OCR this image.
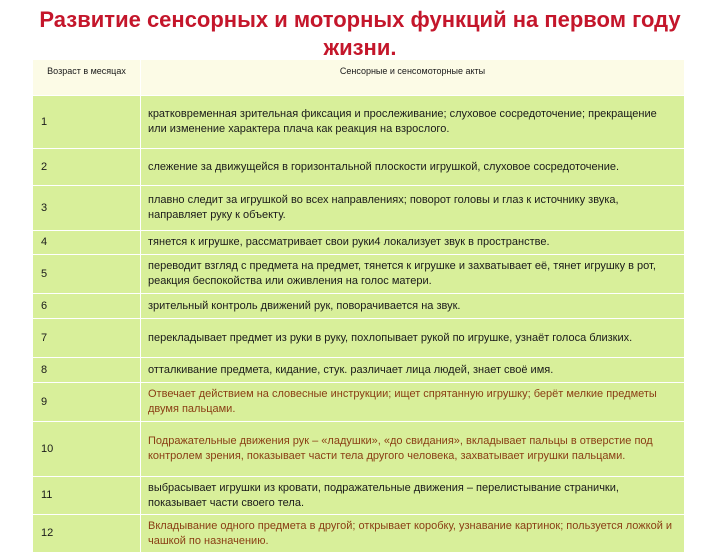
Развитие сенсорных и моторных функций на первом году жизни.
Возраст в месяцах	Сенсорные и сенсомоторные акты
1	кратковременная зрительная фиксация и прослеживание; слуховое сосредоточение; прекращение или изменение характера плача как реакция на взрослого.
2	слежение за движущейся в горизонтальной плоскости игрушкой, слуховое сосредоточение.
3	плавно следит за игрушкой во всех направлениях; поворот головы и глаз к источнику звука, направляет руку к объекту.
4	тянется к игрушке, рассматривает свои руки4 локализует звук в пространстве.
5	переводит взгляд с предмета на предмет, тянется к игрушке и захватывает её, тянет игрушку в рот, реакция беспокойства или оживления на голос матери.
6	зрительный контроль движений рук, поворачивается на звук.
7	перекладывает предмет из руки в руку, похлопывает рукой по игрушке, узнаёт голоса близких.
8	отталкивание предмета, кидание, стук. различает лица людей, знает своё имя.
9	Отвечает действием на словесные инструкции; ищет спрятанную игрушку; берёт мелкие предметы двумя пальцами.
10	Подражательные движения рук – «ладушки», «до свидания», вкладывает пальцы в отверстие под контролем зрения, показывает части тела другого человека, захватывает игрушки пальцами.
11	выбрасывает игрушки из кровати, подражательные движения – перелистывание странички, показывает части своего тела.
12	Вкладывание одного предмета в другой; открывает коробку, узнавание картинок; пользуется ложкой и чашкой по назначению.
